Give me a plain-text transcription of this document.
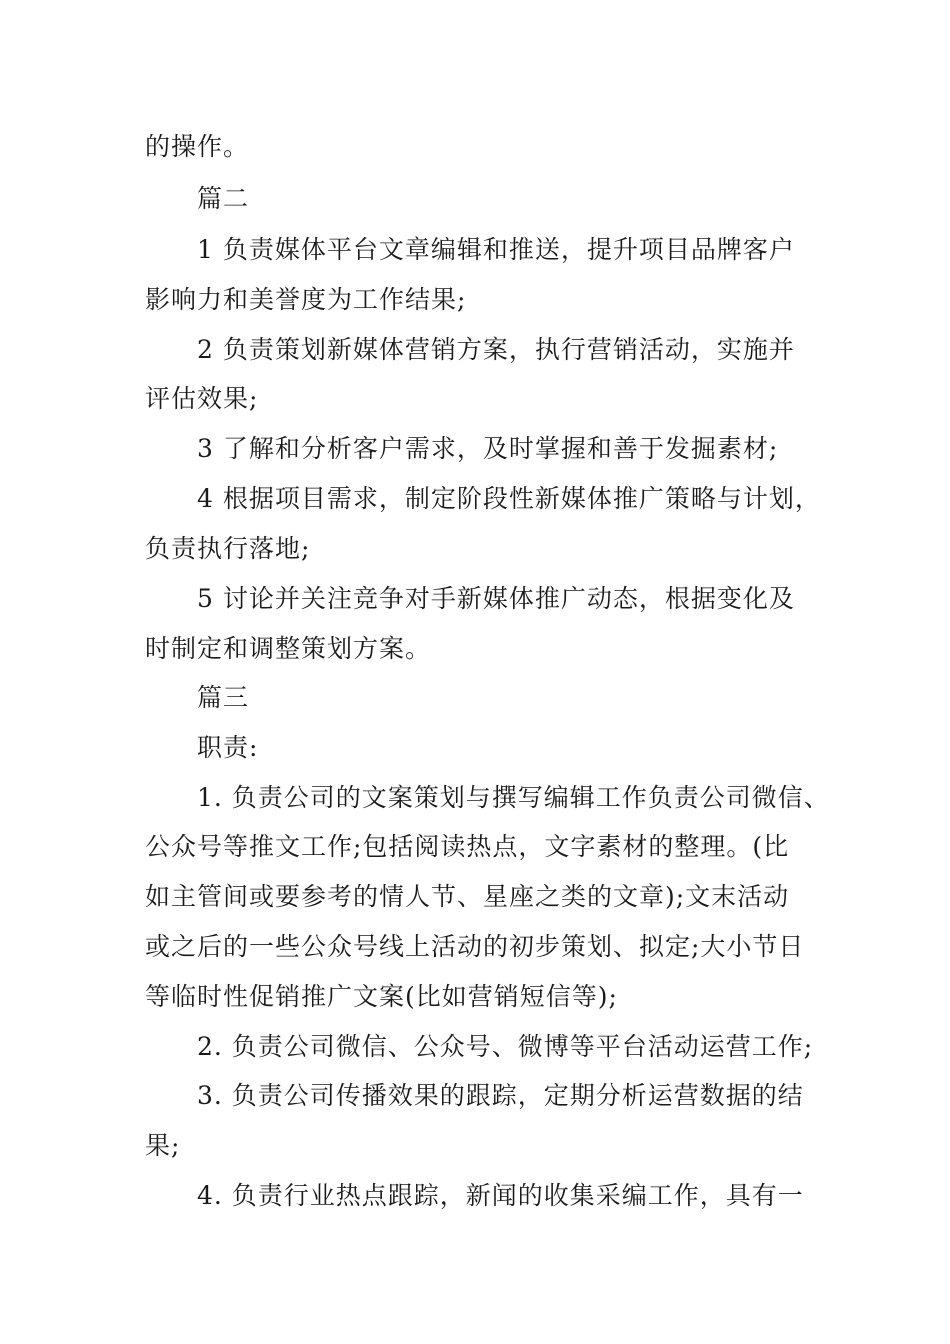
的操作。
篇二
1 负责媒体平台文章编辑和推送，提升项目品牌客户
影响力和美誉度为工作结果;
2 负责策划新媒体营销方案，执行营销活动，实施并
评估效果;
3 了解和分析客户需求，及时掌握和善于发掘素材;
4 根据项目需求，制定阶段性新媒体推广策略与计划，
负责执行落地;
5 讨论并关注竞争对手新媒体推广动态，根据变化及
时制定和调整策划方案。
篇三
职责:
1. 负责公司的文案策划与撰写编辑工作负责公司微信、
公众号等推文工作;包括阅读热点，文字素材的整理。(比
如主管间或要参考的情人节、星座之类的文章);文末活动
或之后的一些公众号线上活动的初步策划、拟定;大小节日
等临时性促销推广文案(比如营销短信等);
2. 负责公司微信、公众号、微博等平台活动运营工作;
3. 负责公司传播效果的跟踪，定期分析运营数据的结
果;
4. 负责行业热点跟踪，新闻的收集采编工作，具有一
